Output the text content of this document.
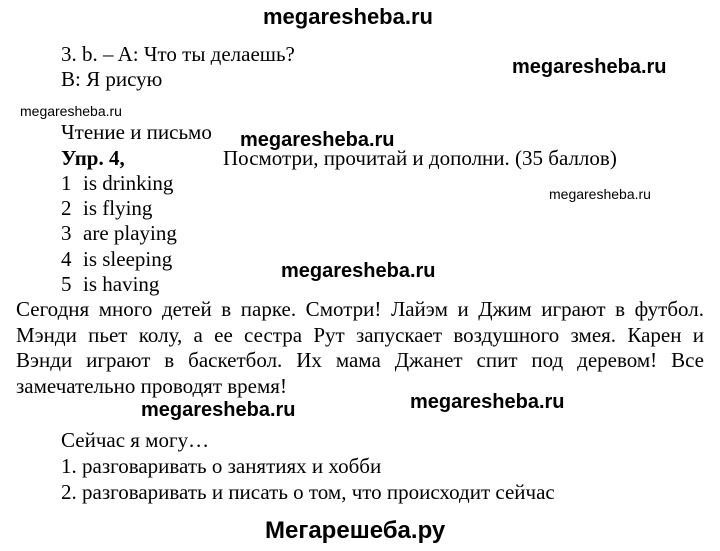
megaresheba.ru
megaresheba.ru
megaresheba.ru
megaresheba.ru
megaresheba.ru
megaresheba.ru
megaresheba.ru	megaresheba.ru
Мегарешеба.ру
3. b. – A: Что ты делаешь?
B: Я рисую
Чтение и письмо
Упр. 4,	Посмотри, прочитай и дополни. (35 баллов)
1 is drinking
2 is flying
3 are playing
4 is sleeping
5 is having
Сегодня много детей в парке. Смотри! Лайэм и Джим играют в футбол.
Мэнди пьет колу, а ее сестра Рут запускает воздушного змея. Карен и
Вэнди играют в баскетбол. Их мама Джанет спит под деревом! Все
замечательно проводят время!
Сейчас я могу…
1. разговаривать о занятиях и хобби
2. разговаривать и писать о том, что происходит сейчас
